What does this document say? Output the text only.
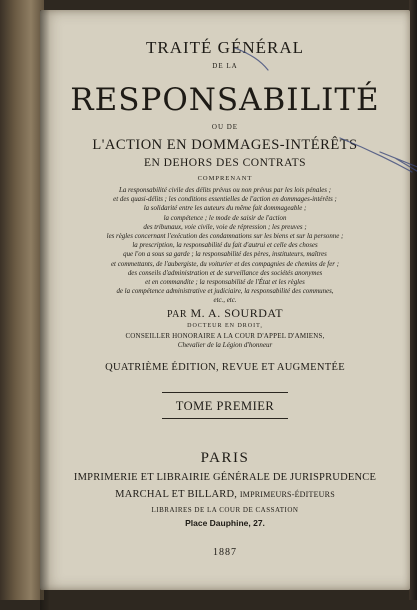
TRAITÉ GÉNÉRAL
DE LA
RESPONSABILITÉ
OU DE
L'ACTION EN DOMMAGES-INTÉRÊTS
EN DEHORS DES CONTRATS
COMPRENANT
La responsabilité civile des délits prévus ou non prévus par les lois pénales ;
et des quasi-délits ; les conditions essentielles de l'action en dommages-intérêts ;
la solidarité entre les auteurs du même fait dommageable ;
la compétence ; le mode de saisir de l'action
des tribunaux, voie civile, voie de répression ; les preuves ;
les règles concernant l'exécution des condamnations sur les biens et sur la personne ;
la prescription, la responsabilité du fait d'autrui et celle des choses
que l'on a sous sa garde ; la responsabilité des pères, instituteurs, maîtres
et commettants, de l'aubergiste, du voiturier et des compagnies de chemins de fer ;
des conseils d'administration et de surveillance des sociétés anonymes
et en commandite ; la responsabilité de l'État et les règles
de la compétence administrative et judiciaire, la responsabilité des communes,
etc., etc.
PAR M. A. SOURDAT
DOCTEUR EN DROIT,
CONSEILLER HONORAIRE A LA COUR D'APPEL D'AMIENS,
Chevalier de la Légion d'honneur
QUATRIÈME ÉDITION, REVUE ET AUGMENTÉE
TOME PREMIER
PARIS
IMPRIMERIE ET LIBRAIRIE GÉNÉRALE DE JURISPRUDENCE
MARCHAL ET BILLARD, IMPRIMEURS-ÉDITEURS
LIBRAIRES DE LA COUR DE CASSATION
Place Dauphine, 27.
1887
